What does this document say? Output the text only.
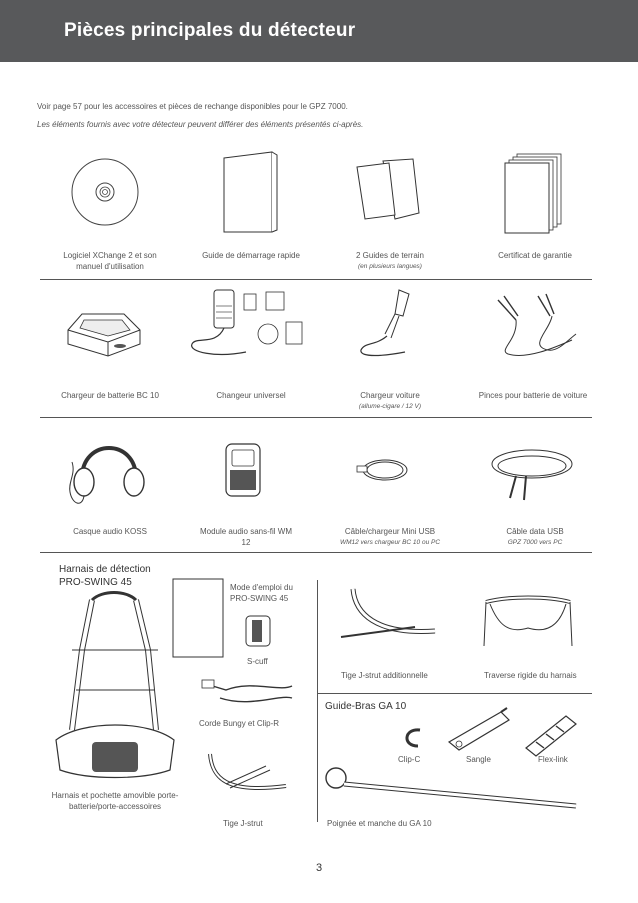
Pièces principales du détecteur
Voir page 57 pour les accessoires et pièces de rechange disponibles pour le GPZ 7000.
Les éléments fournis avec votre détecteur peuvent différer des éléments présentés ci-après.
Logiciel XChange 2 et son manuel d'utilisation
Guide de démarrage rapide	2 Guides de terrain
(en plusieurs langues)
Certificat de garantie
Chargeur de batterie BC 10	Changeur universel	Chargeur voiture
(allume-cigare / 12 V)
Pinces pour batterie de voiture
Casque audio KOSS	Module audio sans-fil WM 12
Câble/chargeur Mini USB
WM12 vers chargeur BC 10 ou PC
Câble data USB
GPZ 7000 vers PC
Harnais de détection
PRO-SWING 45	Mode d'emploi du PRO-SWING 45
S-cuff
Corde Bungy et Clip-R
Tige J-strut
Harnais et pochette amovible porte-batterie/porte-accessoires
Tige J-strut additionnelle	Traverse rigide du harnais
Guide-Bras GA 10
Clip-C	Sangle	Flex-link
Poignée et manche du GA 10
3
